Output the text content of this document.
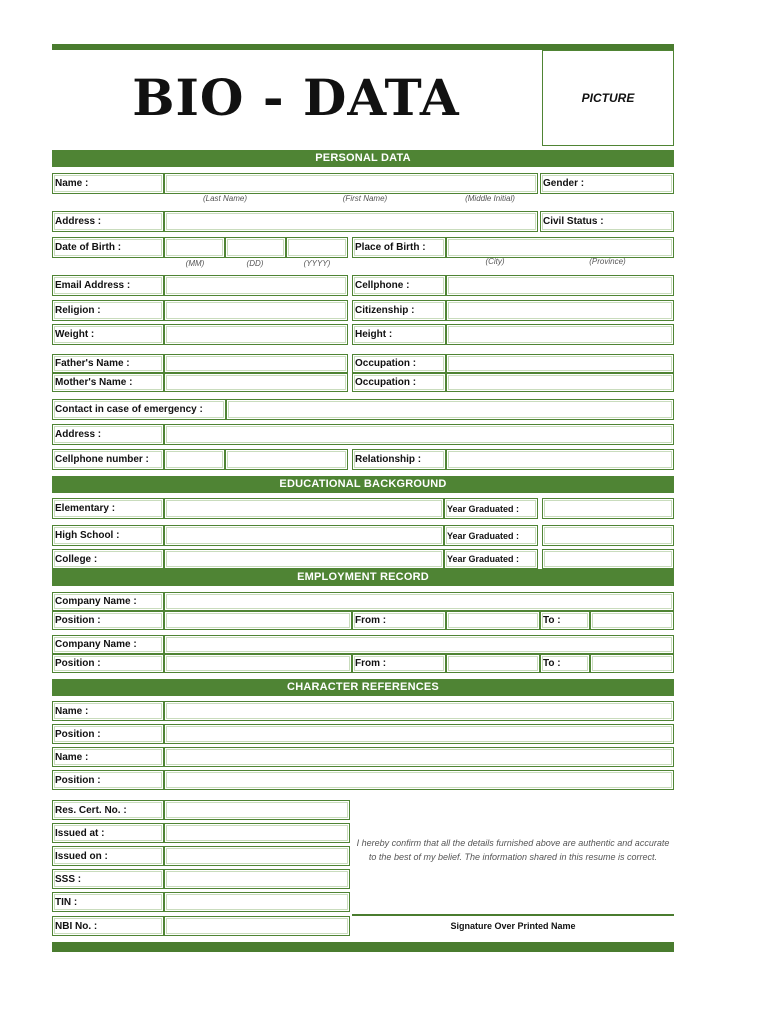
BIO - DATA	PICTURE
PERSONAL DATA
Name :	Gender :
(Last Name)	(First Name)	(Middle Initial)
Address :	Civil Status :
Date of Birth :	Place of Birth :
(MM)	(DD)	(YYYY)	(City)	(Province)
Email Address :	Cellphone :
Religion :	Citizenship :
Weight :	Height :
Father's Name :	Occupation :
Mother's Name :	Occupation :
Contact in case of emergency :
Address :
Cellphone number :	Relationship :
EDUCATIONAL BACKGROUND
Elementary :	Year Graduated :
High School :	Year Graduated :
College :	Year Graduated :
EMPLOYMENT RECORD
Company Name :
Position :	From :	To :
Company Name :
Position :	From :	To :
CHARACTER REFERENCES
Name :
Position :
Name :
Position :
Res. Cert. No. :
Issued at :
Issued on :
SSS :
TIN :
NBI No. :
I hereby confirm that all the details furnished above are authentic and accurate to the best of my belief. The information shared in this resume is correct.
Signature Over Printed Name
